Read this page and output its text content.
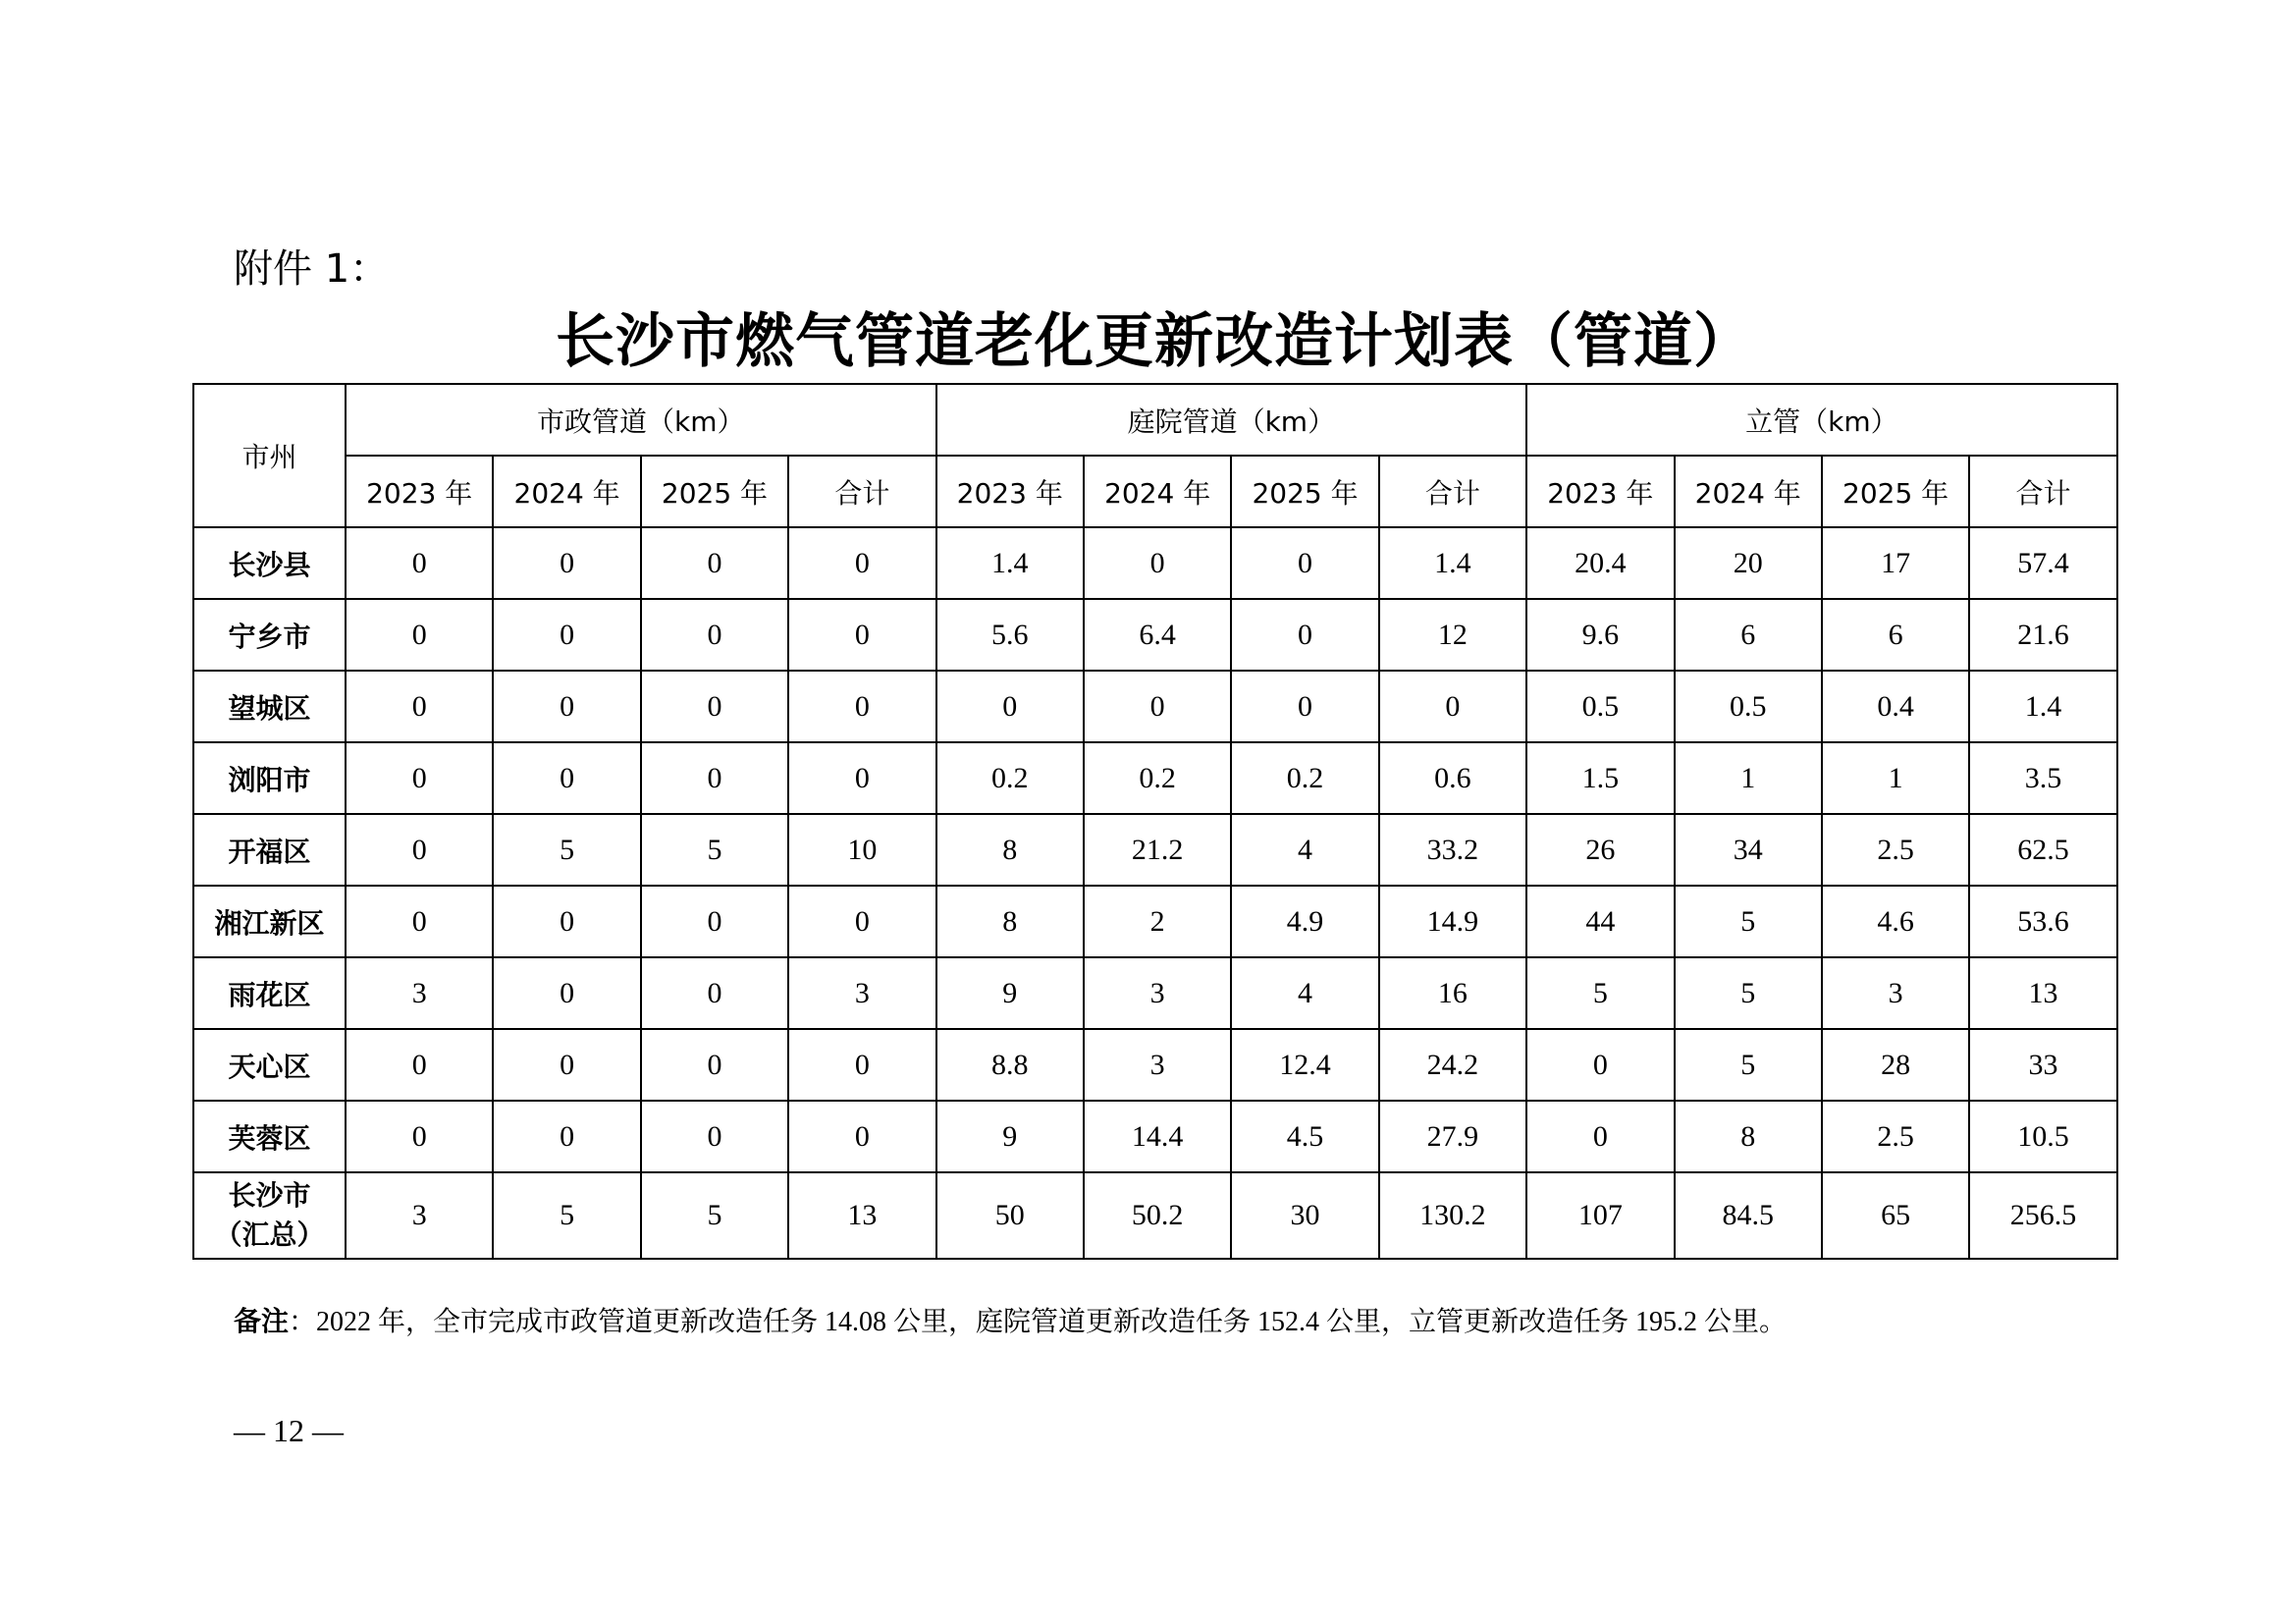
附件 1：
长沙市燃气管道老化更新改造计划表（管道）
市州	市政管道（km）				庭院管道（km）				立管（km）			
	2023 年	2024 年	2025 年	合计	2023 年	2024 年	2025 年	合计	2023 年	2024 年	2025 年	合计
长沙县	0	0	0	0	1.4	0	0	1.4	20.4	20	17	57.4
宁乡市	0	0	0	0	5.6	6.4	0	12	9.6	6	6	21.6
望城区	0	0	0	0	0	0	0	0	0.5	0.5	0.4	1.4
浏阳市	0	0	0	0	0.2	0.2	0.2	0.6	1.5	1	1	3.5
开福区	0	5	5	10	8	21.2	4	33.2	26	34	2.5	62.5
湘江新区	0	0	0	0	8	2	4.9	14.9	44	5	4.6	53.6
雨花区	3	0	0	3	9	3	4	16	5	5	3	13
天心区	0	0	0	0	8.8	3	12.4	24.2	0	5	28	33
芙蓉区	0	0	0	0	9	14.4	4.5	27.9	0	8	2.5	10.5

长沙市
（汇总）	3	5	5	13	50	50.2	30	130.2	107	84.5	65	256.5
备注：2022 年，全市完成市政管道更新改造任务 14.08 公里，庭院管道更新改造任务 152.4 公里，立管更新改造任务 195.2 公里。
— 12 —
